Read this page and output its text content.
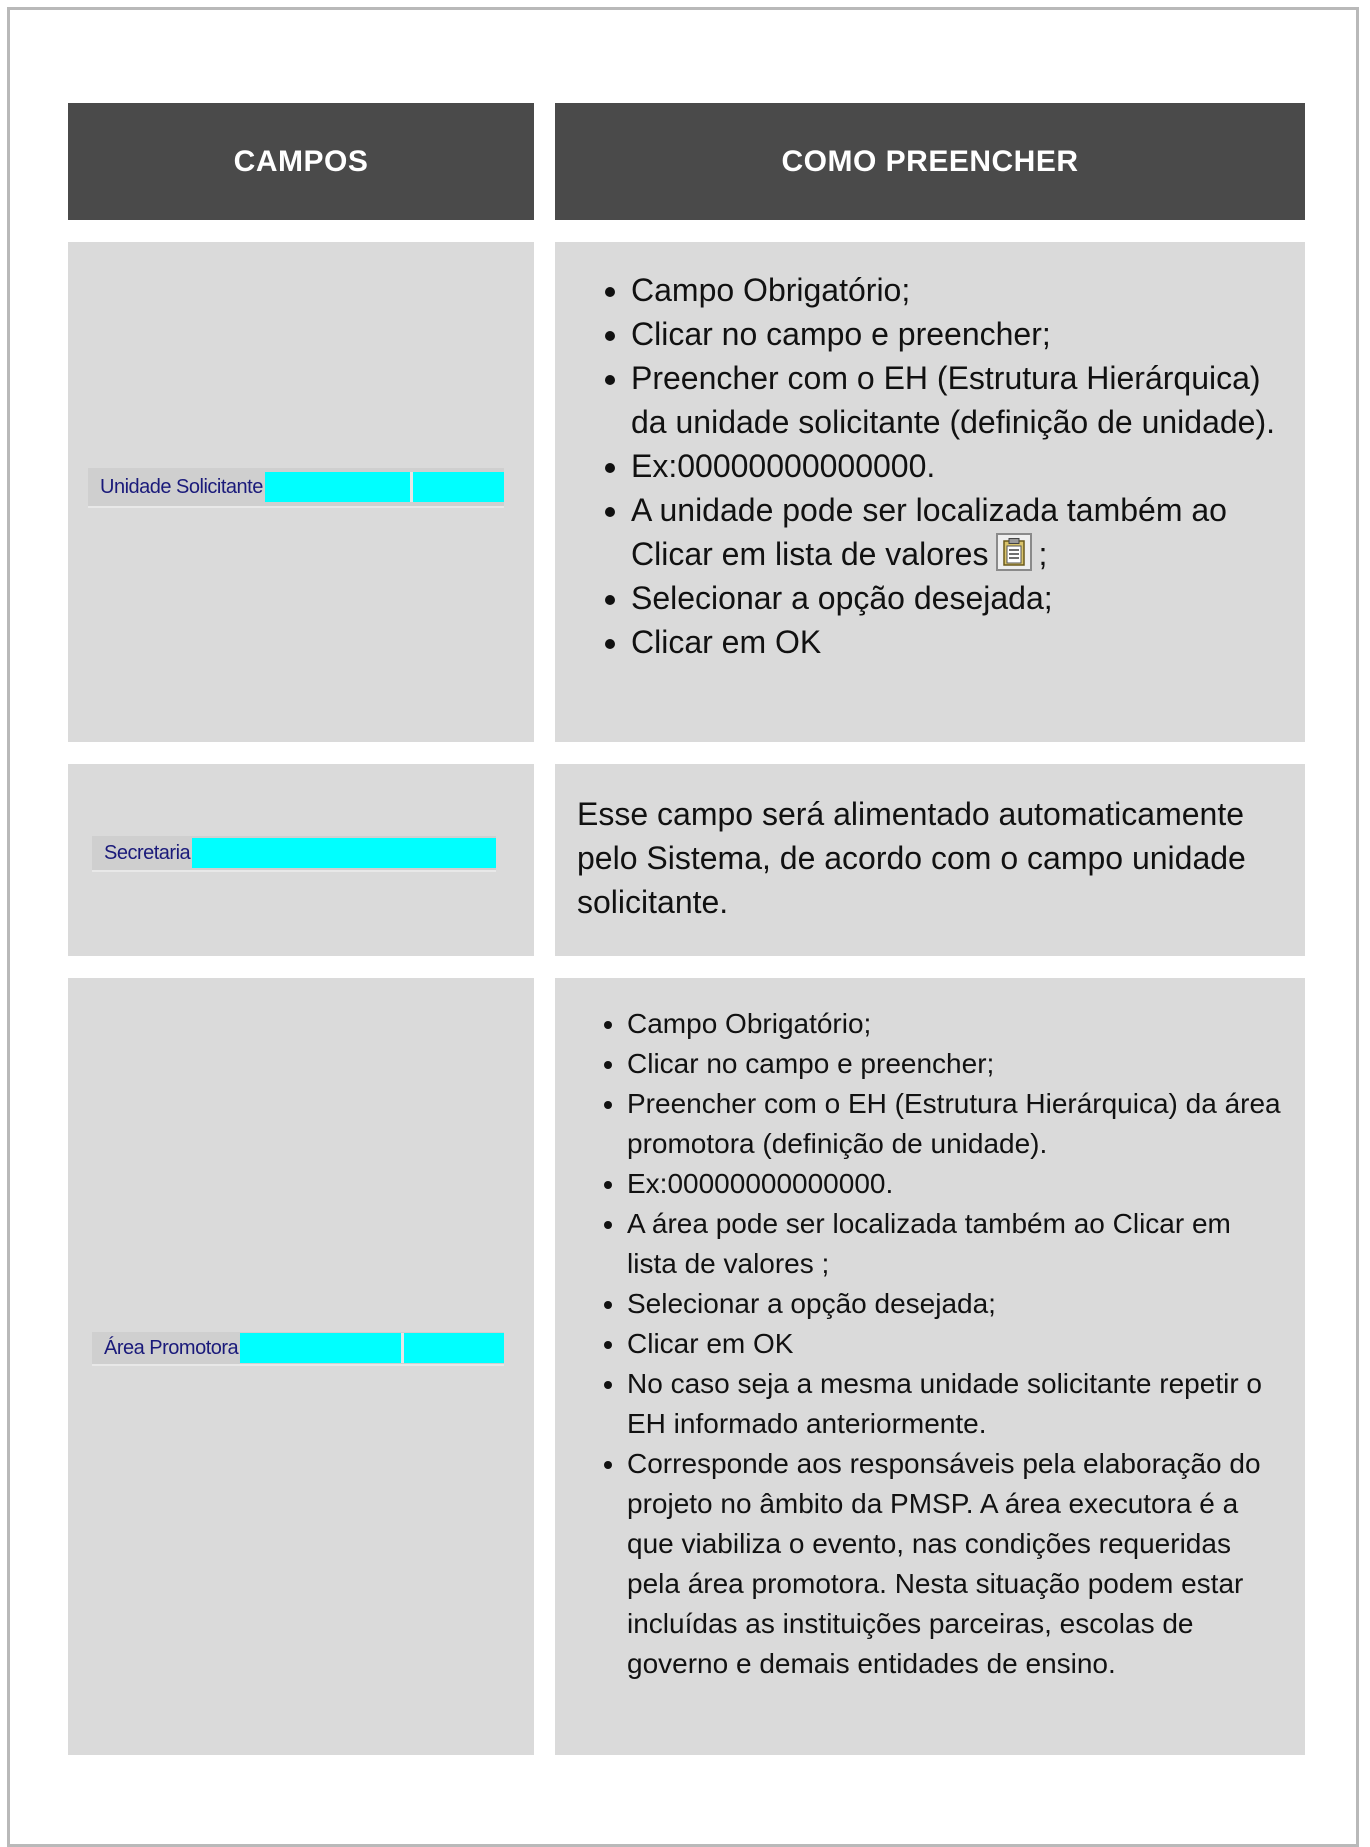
CAMPOS	COMO PREENCHER
Unidade Solicitante
• Campo Obrigatório;
• Clicar no campo e preencher;
• Preencher com o EH (Estrutura Hierárquica) da unidade solicitante (definição de unidade).
• Ex:00000000000000.
• A unidade pode ser localizada também ao Clicar em lista de valores ;
• Selecionar a opção desejada;
• Clicar em OK
Secretaria
Esse campo será alimentado automaticamente pelo Sistema, de acordo com o campo unidade solicitante.
Área Promotora
• Campo Obrigatório;
• Clicar no campo e preencher;
• Preencher com o EH (Estrutura Hierárquica) da área promotora (definição de unidade).
• Ex:00000000000000.
• A área pode ser localizada também ao Clicar em lista de valores ;
• Selecionar a opção desejada;
• Clicar em OK
• No caso seja a mesma unidade solicitante repetir o EH informado anteriormente.
• Corresponde aos responsáveis pela elaboração do projeto no âmbito da PMSP. A área executora é a que viabiliza o evento, nas condições requeridas pela área promotora. Nesta situação podem estar incluídas as instituições parceiras, escolas de governo e demais entidades de ensino.
